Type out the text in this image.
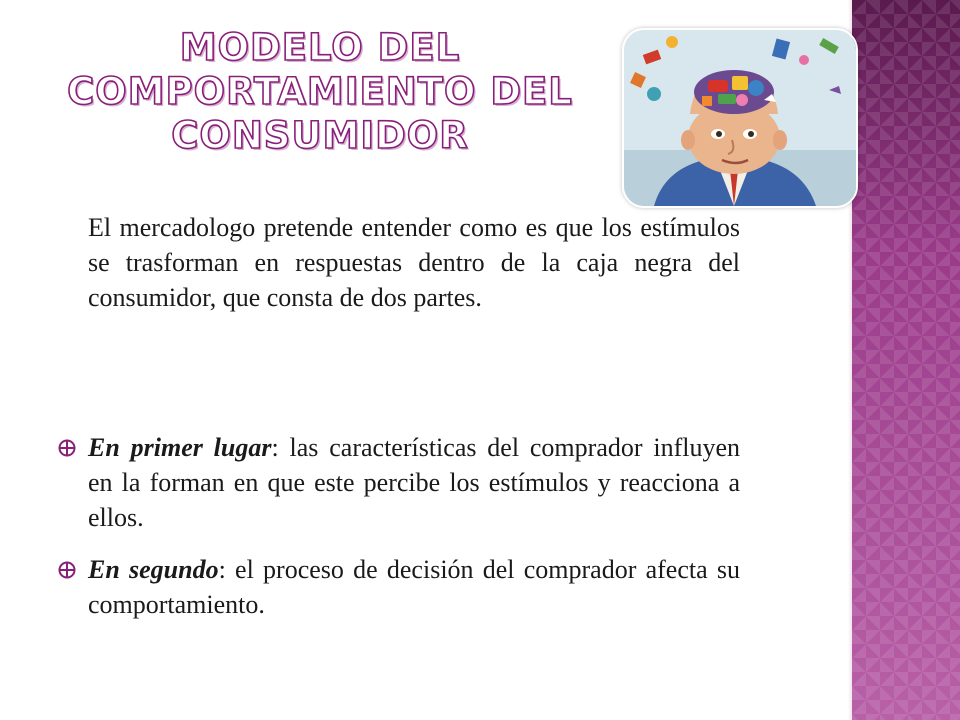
MODELO DEL
COMPORTAMIENTO DEL
CONSUMIDOR

El mercadologo pretende entender como es que los estímulos se trasforman en respuestas dentro de la caja negra del consumidor, que consta de dos partes.

En primer lugar: las características del comprador influyen en la forman en que este percibe los estímulos y reacciona a ellos.
En segundo: el proceso de decisión del comprador afecta su comportamiento.
